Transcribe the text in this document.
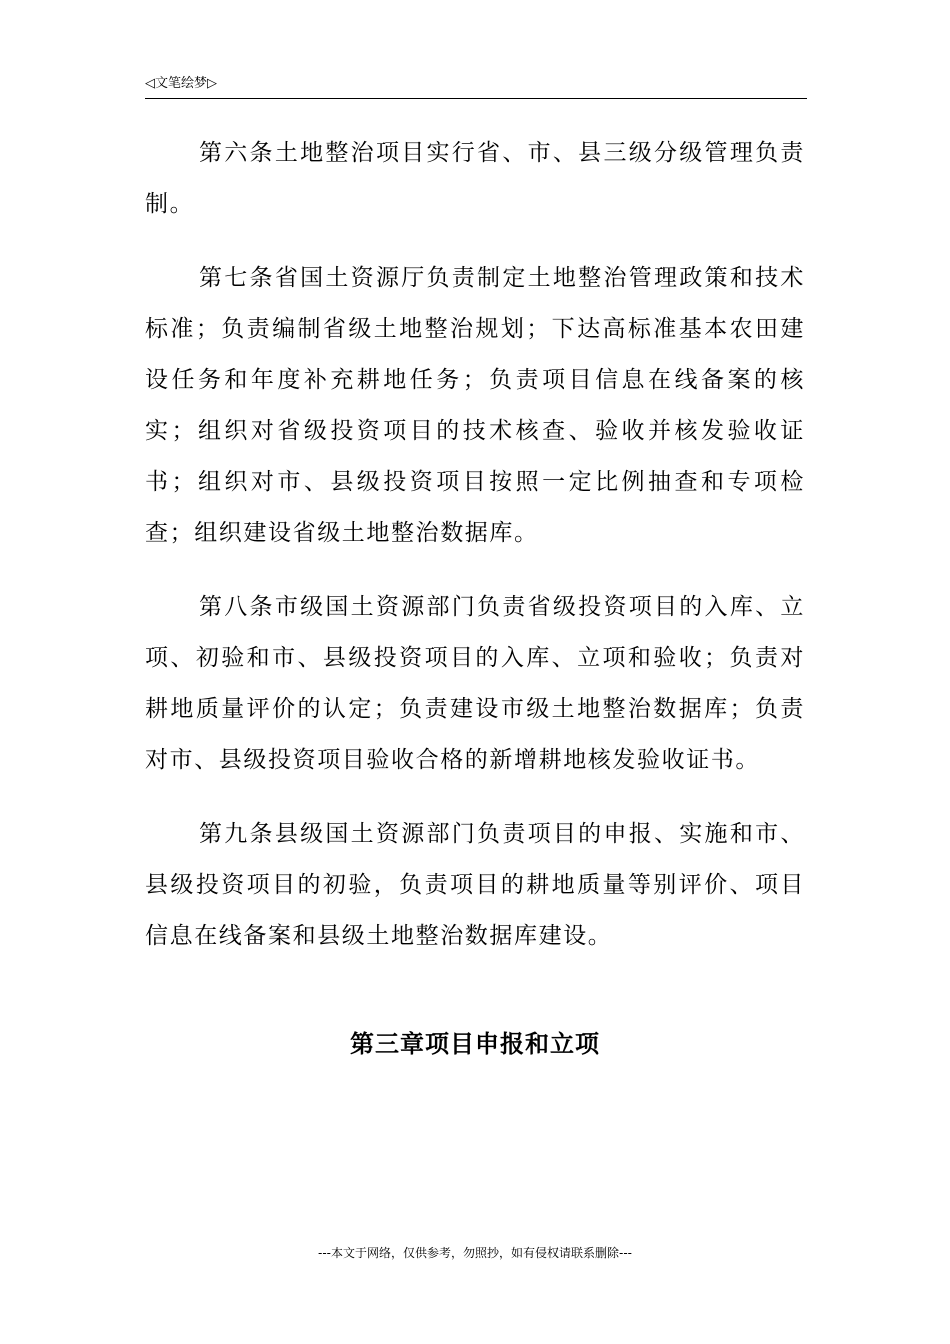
◁文笔绘梦▷

第六条土地整治项目实行省、市、县三级分级管理负责制。

第七条省国土资源厅负责制定土地整治管理政策和技术标准；负责编制省级土地整治规划；下达高标准基本农田建设任务和年度补充耕地任务；负责项目信息在线备案的核实；组织对省级投资项目的技术核查、验收并核发验收证书；组织对市、县级投资项目按照一定比例抽查和专项检查；组织建设省级土地整治数据库。

第八条市级国土资源部门负责省级投资项目的入库、立项、初验和市、县级投资项目的入库、立项和验收；负责对耕地质量评价的认定；负责建设市级土地整治数据库；负责对市、县级投资项目验收合格的新增耕地核发验收证书。

第九条县级国土资源部门负责项目的申报、实施和市、县级投资项目的初验，负责项目的耕地质量等别评价、项目信息在线备案和县级土地整治数据库建设。

第三章项目申报和立项
---本文于网络，仅供参考，勿照抄，如有侵权请联系删除---
